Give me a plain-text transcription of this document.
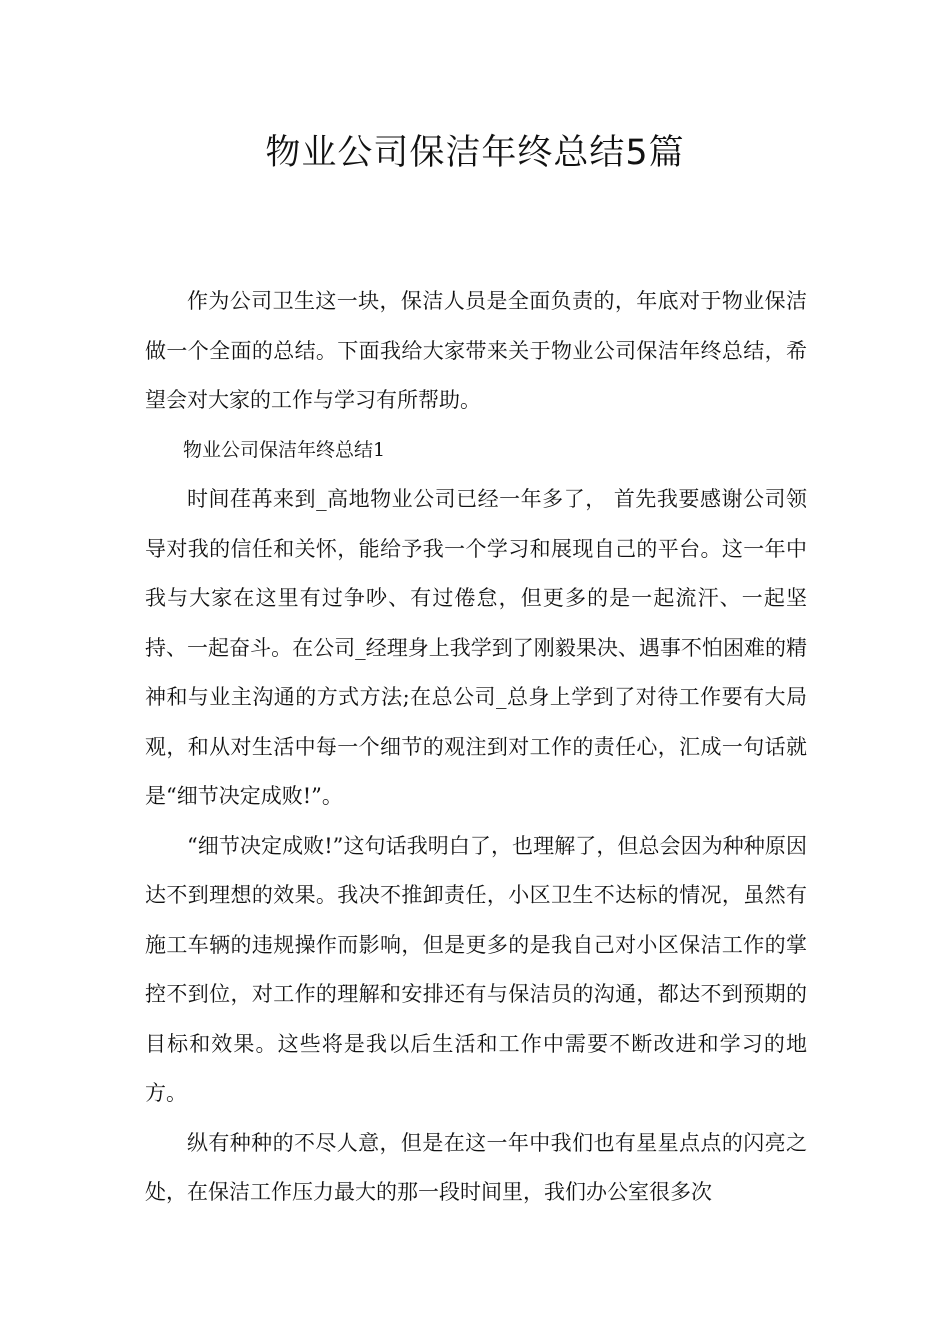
物业公司保洁年终总结5篇

作为公司卫生这一块，保洁人员是全面负责的，年底对于物业保洁做一个全面的总结。下面我给大家带来关于物业公司保洁年终总结，希望会对大家的工作与学习有所帮助。

物业公司保洁年终总结1

时间荏苒来到_高地物业公司已经一年多了， 首先我要感谢公司领导对我的信任和关怀，能给予我一个学习和展现自己的平台。这一年中我与大家在这里有过争吵、有过倦怠，但更多的是一起流汗、一起坚持、一起奋斗。在公司_经理身上我学到了刚毅果决、遇事不怕困难的精神和与业主沟通的方式方法;在总公司_总身上学到了对待工作要有大局观，和从对生活中每一个细节的观注到对工作的责任心，汇成一句话就是“细节决定成败!”。

“细节决定成败!”这句话我明白了，也理解了，但总会因为种种原因达不到理想的效果。我决不推卸责任，小区卫生不达标的情况，虽然有施工车辆的违规操作而影响，但是更多的是我自己对小区保洁工作的掌控不到位，对工作的理解和安排还有与保洁员的沟通，都达不到预期的目标和效果。这些将是我以后生活和工作中需要不断改进和学习的地方。

纵有种种的不尽人意，但是在这一年中我们也有星星点点的闪亮之处，在保洁工作压力最大的那一段时间里，我们办公室很多次
